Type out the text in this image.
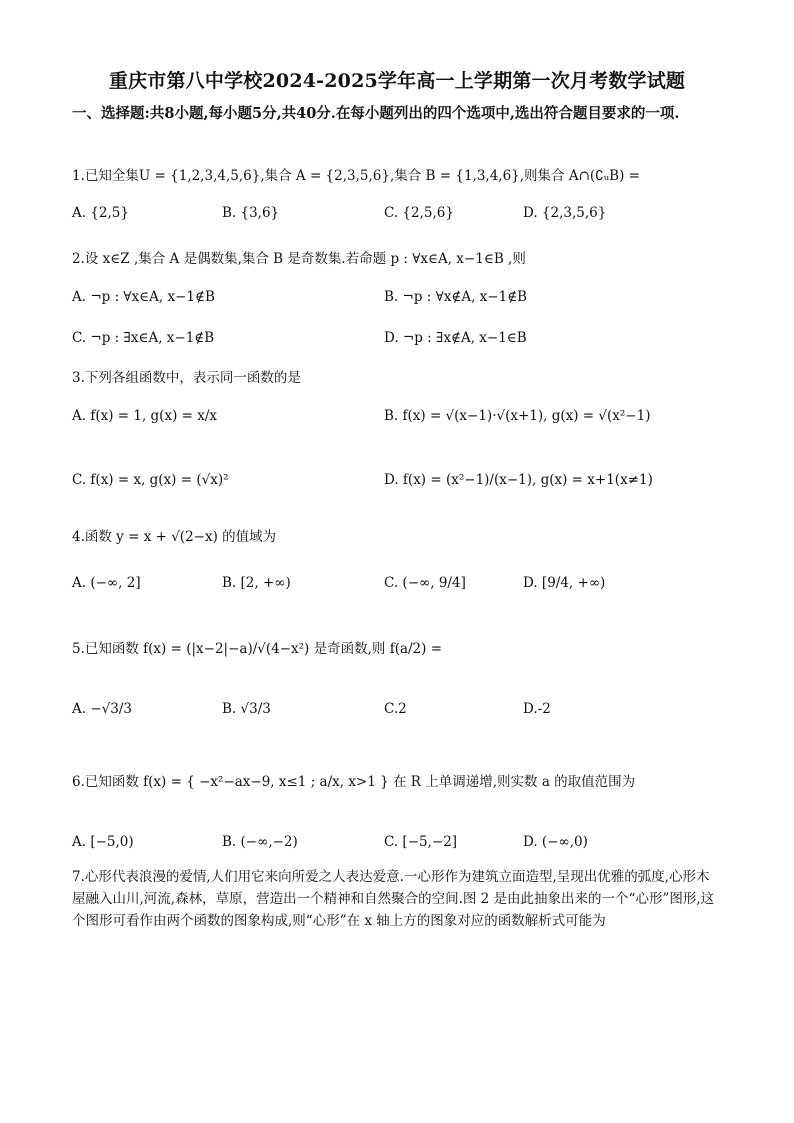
重庆市第八中学校2024-2025学年高一上学期第一次月考数学试题
一、选择题:共8小题,每小题5分,共40分.在每小题列出的四个选项中,选出符合题目要求的一项.
1.已知全集U = {1,2,3,4,5,6},集合 A = {2,3,5,6},集合 B = {1,3,4,6},则集合 A∩(∁ᵤB) =
A. {2,5}	B. {3,6}	C. {2,5,6}	D. {2,3,5,6}
2.设 x∈Z ,集合 A 是偶数集,集合 B 是奇数集.若命题 p : ∀x∈A, x−1∈B ,则
A. ¬p : ∀x∈A, x−1∉B	B. ¬p : ∀x∉A, x−1∉B
C. ¬p : ∃x∈A, x−1∉B	D. ¬p : ∃x∉A, x−1∈B
3.下列各组函数中，表示同一函数的是
A. f(x) = 1, g(x) = x/x	B. f(x) = √(x−1)·√(x+1), g(x) = √(x²−1)
C. f(x) = x, g(x) = (√x)²	D. f(x) = (x²−1)/(x−1), g(x) = x+1(x≠1)
4.函数 y = x + √(2−x) 的值域为
A. (−∞, 2]	B. [2, +∞)	C. (−∞, 9/4]	D. [9/4, +∞)
5.已知函数 f(x) = (|x−2|−a)/√(4−x²) 是奇函数,则 f(a/2) =
A. −√3/3	B. √3/3	C.2	D.-2
6.已知函数 f(x) = { −x²−ax−9, x≤1 ; a/x, x>1 } 在 R 上单调递增,则实数 a 的取值范围为
A. [−5,0)	B. (−∞,−2)	C. [−5,−2]	D. (−∞,0)
7.心形代表浪漫的爱情,人们用它来向所爱之人表达爱意.一心形作为建筑立面造型,呈现出优雅的弧度,心形木屋融入山川,河流,森林，草原，营造出一个精神和自然聚合的空间.图 2 是由此抽象出来的一个“心形”图形,这个图形可看作由两个函数的图象构成,则“心形”在 x 轴上方的图象对应的函数解析式可能为
